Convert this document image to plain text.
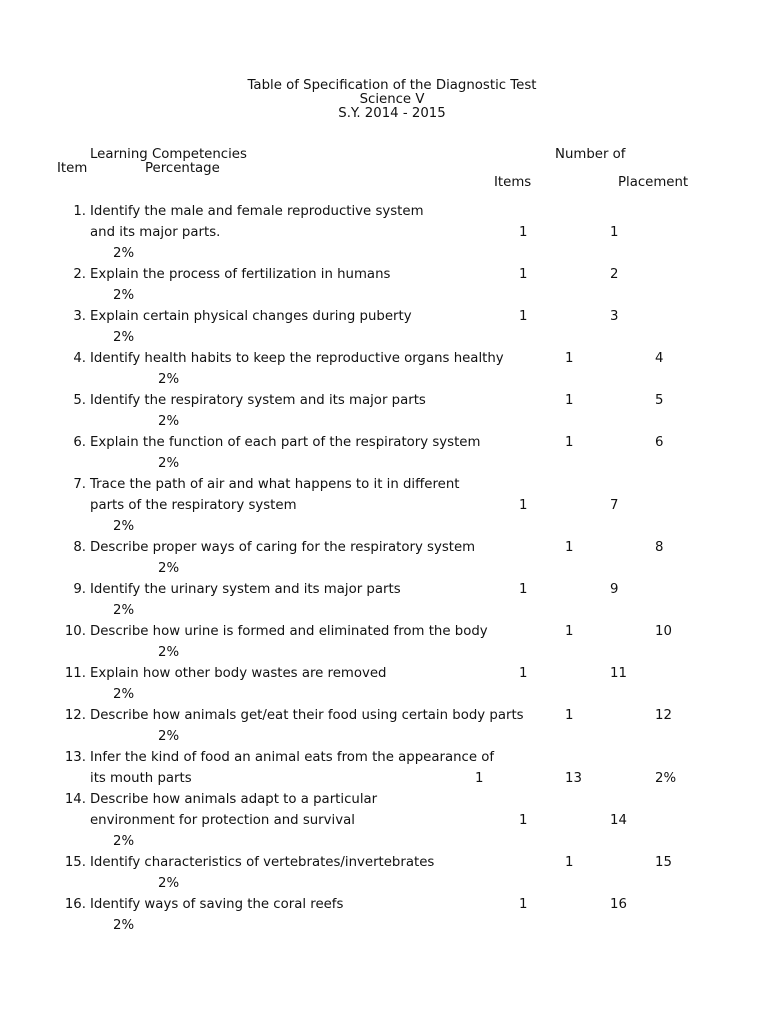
Table of Specification of the Diagnostic Test
Science V
S.Y. 2014 - 2015
Learning Competencies	Number of
Item	Percentage
Items	Placement
1. Identify the male and female reproductive system
and its major parts.	1	1
2%
2. Explain the process of fertilization in humans	1	2
2%
3. Explain certain physical changes during puberty	1	3
2%
4. Identify health habits to keep the reproductive organs healthy	1	4
2%
5. Identify the respiratory system and its major parts	1	5
2%
6. Explain the function of each part of the respiratory system	1	6
2%
7. Trace the path of air and what happens to it in different
parts of the respiratory system	1	7
2%
8. Describe proper ways of caring for the respiratory system	1	8
2%
9. Identify the urinary system and its major parts	1	9
2%
10. Describe how urine is formed and eliminated from the body	1	10
2%
11. Explain how other body wastes are removed	1	11
2%
12. Describe how animals get/eat their food using certain body parts	1	12
2%
13. Infer the kind of food an animal eats from the appearance of
its mouth parts	1	13	2%
14. Describe how animals adapt to a particular
environment for protection and survival	1	14
2%
15. Identify characteristics of vertebrates/invertebrates	1	15
2%
16. Identify ways of saving the coral reefs	1	16
2%
